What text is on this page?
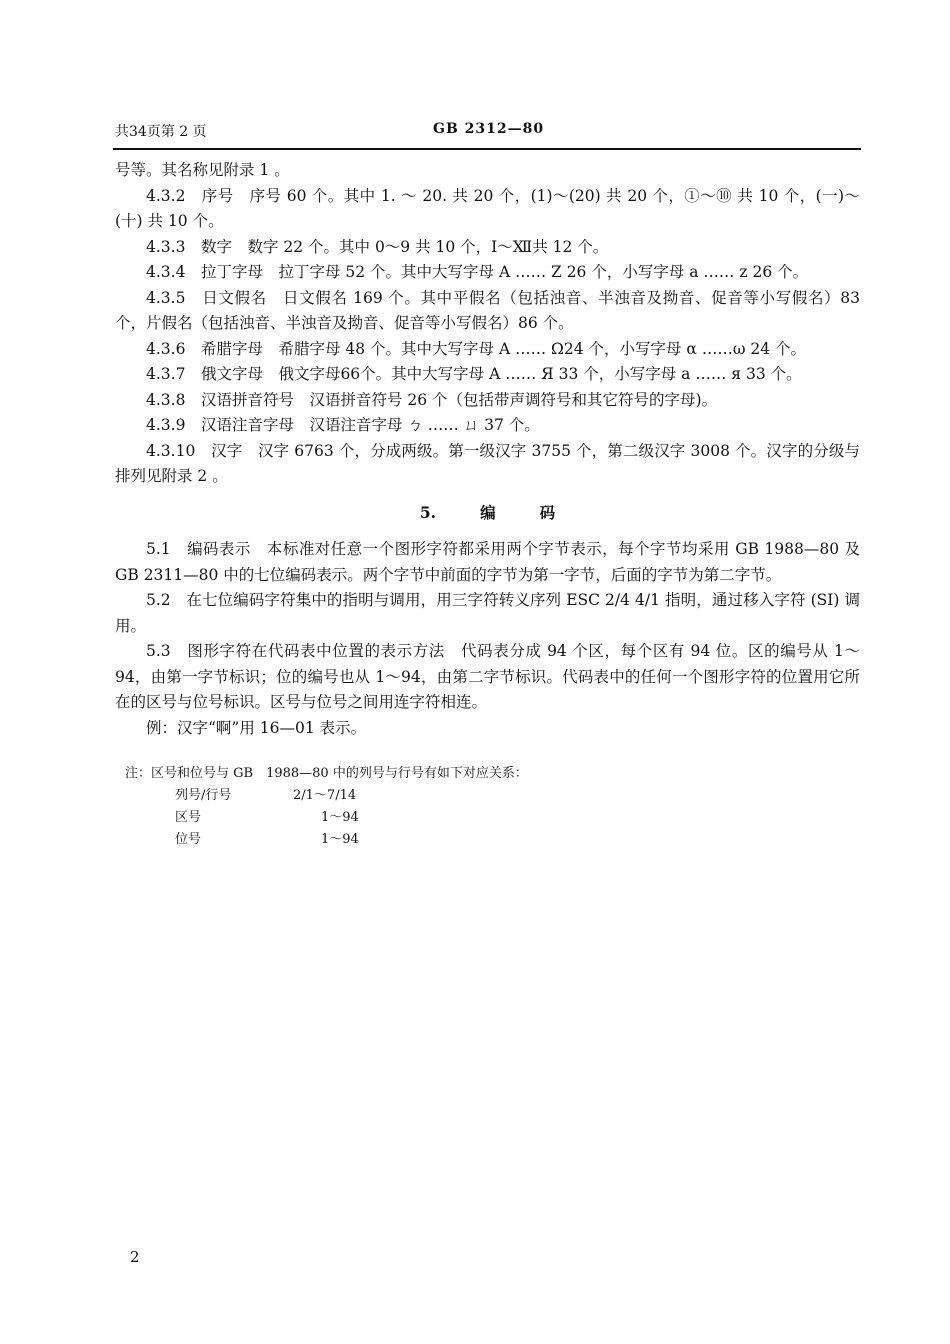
共34页第 2 页	GB 2312—80

号等。其名称见附录 1 。

4.3.2　序号　序号 60 个。其中 1. ～ 20. 共 20 个，(1)～(20) 共 20 个，①～⑩ 共 10 个，(一)～(十) 共 10 个。

4.3.3　数字　数字 22 个。其中 0～9 共 10 个，Ⅰ～Ⅻ共 12 个。

4.3.4　拉丁字母　拉丁字母 52 个。其中大写字母 A …… Z 26 个，小写字母 a …… z 26 个。

4.3.5　日文假名　日文假名 169 个。其中平假名（包括浊音、半浊音及拗音、促音等小写假名）83 个，片假名（包括浊音、半浊音及拗音、促音等小写假名）86 个。

4.3.6　希腊字母　希腊字母 48 个。其中大写字母 A …… Ω24 个，小写字母 α ……ω 24 个。

4.3.7　俄文字母　俄文字母66个。其中大写字母 A …… Я 33 个，小写字母 a …… я 33 个。

4.3.8　汉语拼音符号　汉语拼音符号 26 个（包括带声调符号和其它符号的字母)。

4.3.9　汉语注音字母　汉语注音字母 ㄅ …… ㄩ 37 个。

4.3.10　汉字　汉字 6763 个，分成两级。第一级汉字 3755 个，第二级汉字 3008 个。汉字的分级与排列见附录 2 。

5.	编	码

5.1　编码表示　本标准对任意一个图形字符都采用两个字节表示，每个字节均采用 GB 1988—80 及 GB 2311—80 中的七位编码表示。两个字节中前面的字节为第一字节，后面的字节为第二字节。

5.2　在七位编码字符集中的指明与调用，用三字符转义序列 ESC 2/4 4/1 指明，通过移入字符 (SI) 调用。

5.3　图形字符在代码表中位置的表示方法　代码表分成 94 个区，每个区有 94 位。区的编号从 1～94，由第一字节标识；位的编号也从 1～94，由第二字节标识。代码表中的任何一个图形字符的位置用它所在的区号与位号标识。区号与位号之间用连字符相连。

例：汉字“啊”用 16—01 表示。

注：区号和位号与 GB　1988—80 中的列号与行号有如下对应关系：
列号/行号	2/1～7/14
区号	1～94
位号	1～94
2
